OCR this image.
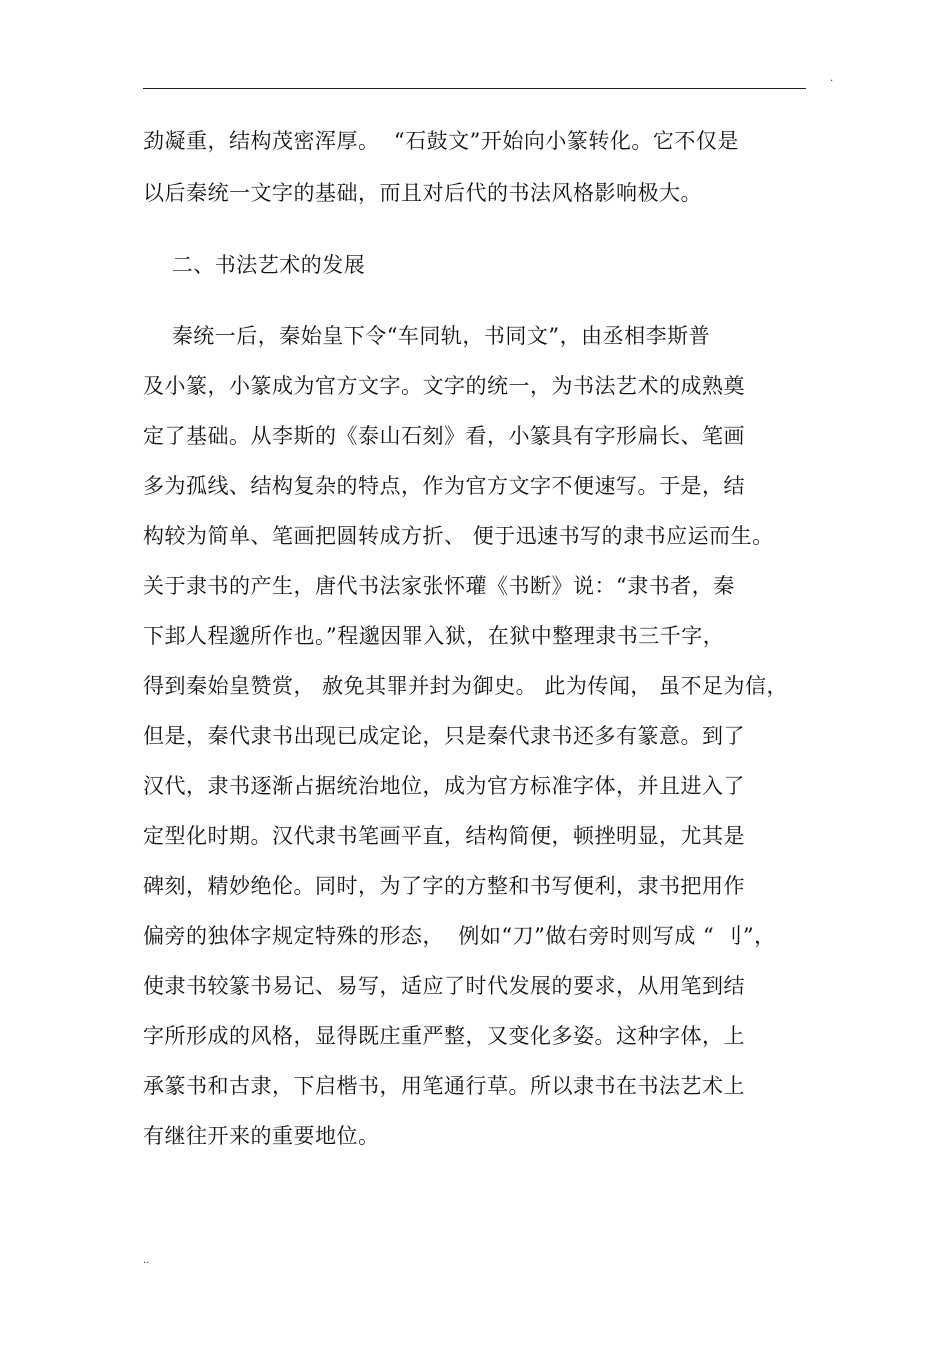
.
劲凝重，结构茂密浑厚。  “石鼓文”开始向小篆转化。它不仅是
以后秦统一文字的基础，而且对后代的书法风格影响极大。
二、书法艺术的发展
秦统一后，秦始皇下令“车同轨，书同文”，由丞相李斯普
及小篆，小篆成为官方文字。文字的统一，为书法艺术的成熟奠
定了基础。从李斯的《泰山石刻》看，小篆具有字形扁长、笔画
多为孤线、结构复杂的特点，作为官方文字不便速写。于是，结
构较为简单、笔画把圆转成方折、 便于迅速书写的隶书应运而生。
关于隶书的产生，唐代书法家张怀瓘《书断》说：“隶书者，秦
下邽人程邈所作也。”程邈因罪入狱，在狱中整理隶书三千字，
得到秦始皇赞赏， 赦免其罪并封为御史。 此为传闻， 虽不足为信，
但是，秦代隶书出现已成定论，只是秦代隶书还多有篆意。到了
汉代，隶书逐渐占据统治地位，成为官方标准字体，并且进入了
定型化时期。汉代隶书笔画平直，结构简便，顿挫明显，尤其是
碑刻，精妙绝伦。同时，为了字的方整和书写便利，隶书把用作
偏旁的独体字规定特殊的形态，  例如“刀”做右旁时则写成 “ 刂”，
使隶书较篆书易记、易写，适应了时代发展的要求，从用笔到结
字所形成的风格，显得既庄重严整，又变化多姿。这种字体，上
承篆书和古隶，下启楷书，用笔通行草。所以隶书在书法艺术上
有继往开来的重要地位。
..
